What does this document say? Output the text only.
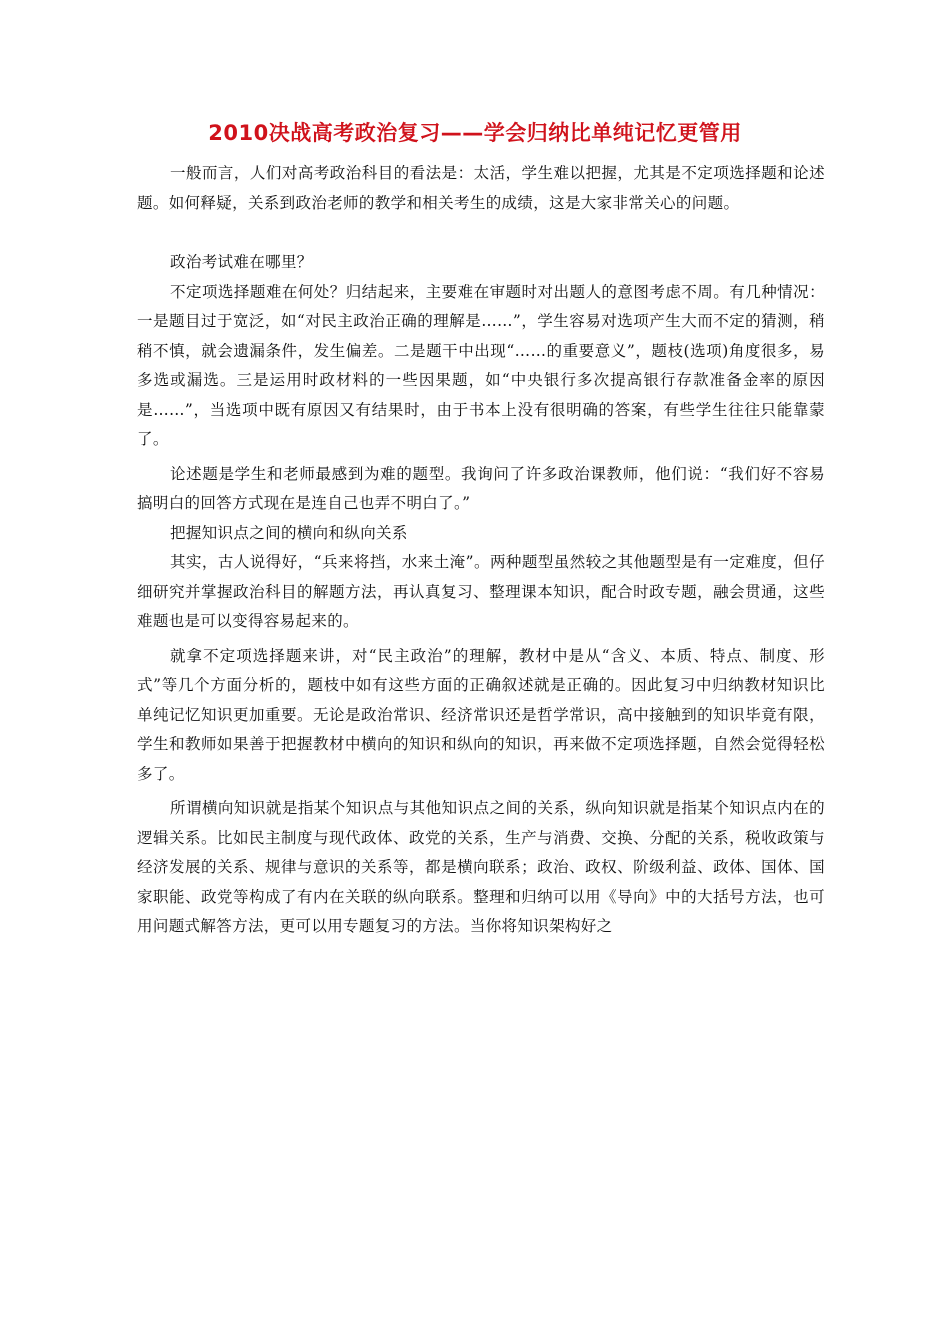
2010决战高考政治复习——学会归纳比单纯记忆更管用

一般而言，人们对高考政治科目的看法是：太活，学生难以把握，尤其是不定项选择题和论述题。如何释疑，关系到政治老师的教学和相关考生的成绩，这是大家非常关心的问题。

政治考试难在哪里？

不定项选择题难在何处？归结起来，主要难在审题时对出题人的意图考虑不周。有几种情况：一是题目过于宽泛，如“对民主政治正确的理解是……”，学生容易对选项产生大而不定的猜测，稍稍不慎，就会遗漏条件，发生偏差。二是题干中出现“……的重要意义”，题枝(选项)角度很多，易多选或漏选。三是运用时政材料的一些因果题，如“中央银行多次提高银行存款准备金率的原因是……”，当选项中既有原因又有结果时，由于书本上没有很明确的答案，有些学生往往只能靠蒙了。

论述题是学生和老师最感到为难的题型。我询问了许多政治课教师，他们说：“我们好不容易搞明白的回答方式现在是连自己也弄不明白了。”

把握知识点之间的横向和纵向关系

其实，古人说得好，“兵来将挡，水来土淹”。两种题型虽然较之其他题型是有一定难度，但仔细研究并掌握政治科目的解题方法，再认真复习、整理课本知识，配合时政专题，融会贯通，这些难题也是可以变得容易起来的。

就拿不定项选择题来讲，对“民主政治”的理解，教材中是从“含义、本质、特点、制度、形式”等几个方面分析的，题枝中如有这些方面的正确叙述就是正确的。因此复习中归纳教材知识比单纯记忆知识更加重要。无论是政治常识、经济常识还是哲学常识，高中接触到的知识毕竟有限，学生和教师如果善于把握教材中横向的知识和纵向的知识，再来做不定项选择题，自然会觉得轻松多了。

所谓横向知识就是指某个知识点与其他知识点之间的关系，纵向知识就是指某个知识点内在的逻辑关系。比如民主制度与现代政体、政党的关系，生产与消费、交换、分配的关系，税收政策与经济发展的关系、规律与意识的关系等，都是横向联系；政治、政权、阶级利益、政体、国体、国家职能、政党等构成了有内在关联的纵向联系。整理和归纳可以用《导向》中的大括号方法，也可用问题式解答方法，更可以用专题复习的方法。当你将知识架构好之
